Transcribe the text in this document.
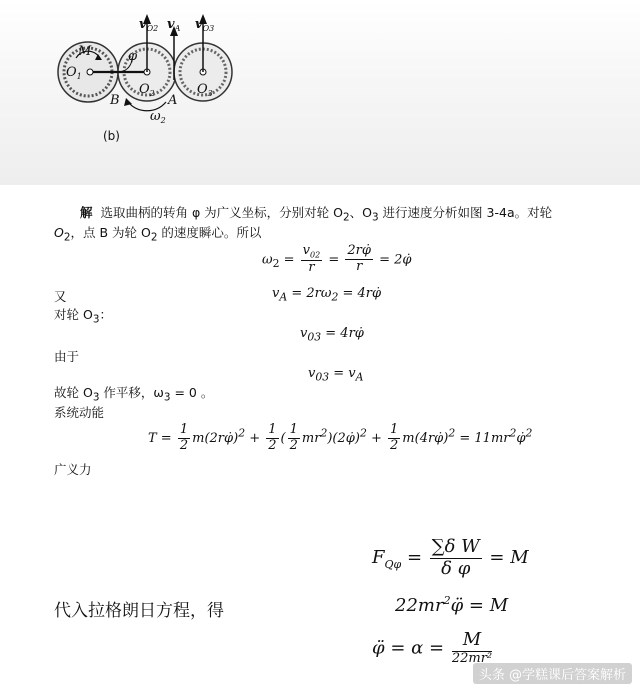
M
$O_1$
φ
B
$O_2$ A
$O_3$
$\omega_2$
$v_{O2}$ $v_A$ $v_{O3}$
(b)
解 选取曲柄的转角 φ 为广义坐标，分别对轮 $O_2$、$O_3$ 进行速度分析如图 3-4a。对轮
$O_2$，点 B 为轮 $O_2$ 的速度瞬心。所以
$\omega_2 = \frac{v_{02}}{r} = \frac{2r\varphi̇}{r}$ = 2φ̇
又	$v_A = 2r\omega_2$ = 4rφ̇
对轮 $O_3$：
$v_{03}$ = 4rφ̇
由于
$v_{03} = v_A$
故轮 $O_3$ 作平移，$\omega_3 = 0$ 。
系统动能
$T = \frac{1}{2}$ m(2rφ̇)$^2$ + $\frac{1}{2}$ ( $\frac{1}{2}$ $mr^2)(2\varphi̇)^2 + \frac{1}{2}$ m(4rφ̇)$^2$ = $11mr^2\varphi̇^2$
广义力
$F_{Q\varphi} = \frac{\text{∑δ W}}{\text{δ φ}} = M$
代入拉格朗日方程，得	$22mr^2\varphï = M$
φ̈ = $\alpha = \frac{M}{\text{22mr²}}$
头条 @学糕课后答案解析
